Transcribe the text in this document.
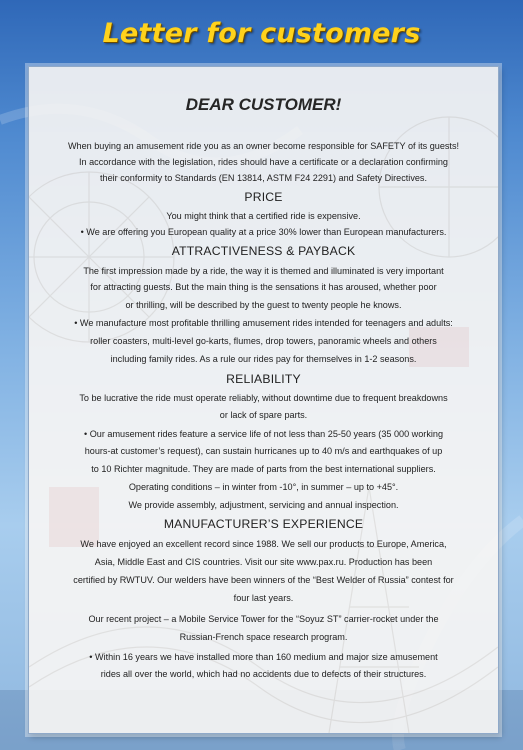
Letter for customers
DEAR CUSTOMER!
When buying an amusement ride you as an owner become responsible for SAFETY of its guests!
In accordance with the legislation, rides should have a certificate or a declaration confirming
their conformity to Standards (EN 13814, ASTM F24 2291) and Safety Directives.
PRICE
You might think that a certified ride is expensive.
• We are offering you European quality at a price 30% lower than European manufacturers.
ATTRACTIVENESS & PAYBACK
The first impression made by a ride, the way it is themed and illuminated is very important
for attracting guests. But the main thing is the sensations it has aroused, whether poor
or thrilling, will be described by the guest to twenty people he knows.
• We manufacture most profitable thrilling amusement rides intended for teenagers and adults:
roller coasters, multi-level go-karts, flumes, drop towers, panoramic wheels and others
including family rides. As a rule our rides pay for themselves in 1-2 seasons.
RELIABILITY
To be lucrative the ride must operate reliably, without downtime due to frequent breakdowns
or lack of spare parts.
• Our amusement rides feature a service life of not less than 25-50 years (35 000 working
hours-at customer’s request), can sustain hurricanes up to 40 m/s and earthquakes of up
to 10 Richter magnitude. They are made of parts from the best international suppliers.
Operating conditions – in winter from -10°, in summer – up to +45°.
We provide assembly, adjustment, servicing and annual inspection.
MANUFACTURER’S EXPERIENCE
We have enjoyed an excellent record since 1988. We sell our products to Europe, America,
Asia, Middle East and CIS countries. Visit our site www.pax.ru. Production has been
certified by RWTUV. Our welders have been winners of the “Best Welder of Russia” contest for
four last years.
Our recent project – a Mobile Service Tower for the “Soyuz ST” carrier-rocket under the
Russian-French space research program.
• Within 16 years we have installed more than 160 medium and major size amusement
rides all over the world, which had no accidents due to defects of their structures.
